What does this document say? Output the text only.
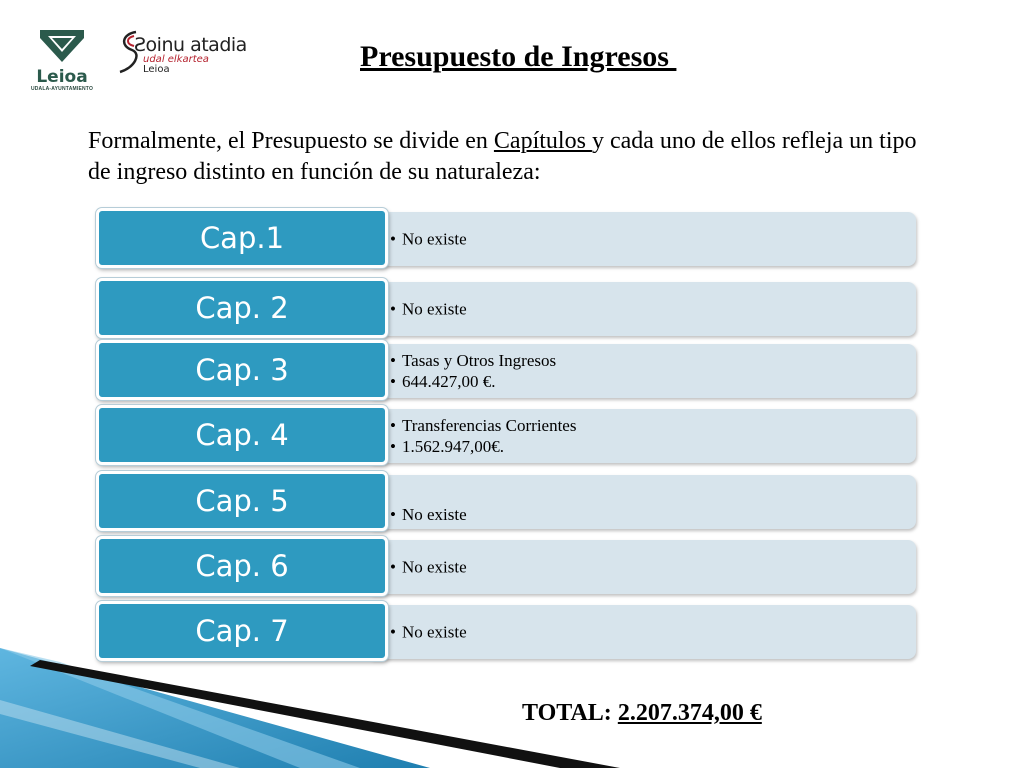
Leioa
UDALA-AYUNTAMIENTO
Ƨoinu atadia
udal elkartea
Leioa	Presupuesto de Ingresos
Formalmente, el Presupuesto se divide en Capítulos y cada uno de ellos refleja un tipo de ingreso distinto en función de su naturaleza:
• No existe
Cap.1
• No existe
Cap. 2
• Tasas y Otros Ingresos
• 644.427,00 €.
Cap. 3
• Transferencias Corrientes
• 1.562.947,00€.
Cap. 4
• No existe
Cap. 5
• No existe
Cap. 6
• No existe
Cap. 7
TOTAL: 2.207.374,00 €
